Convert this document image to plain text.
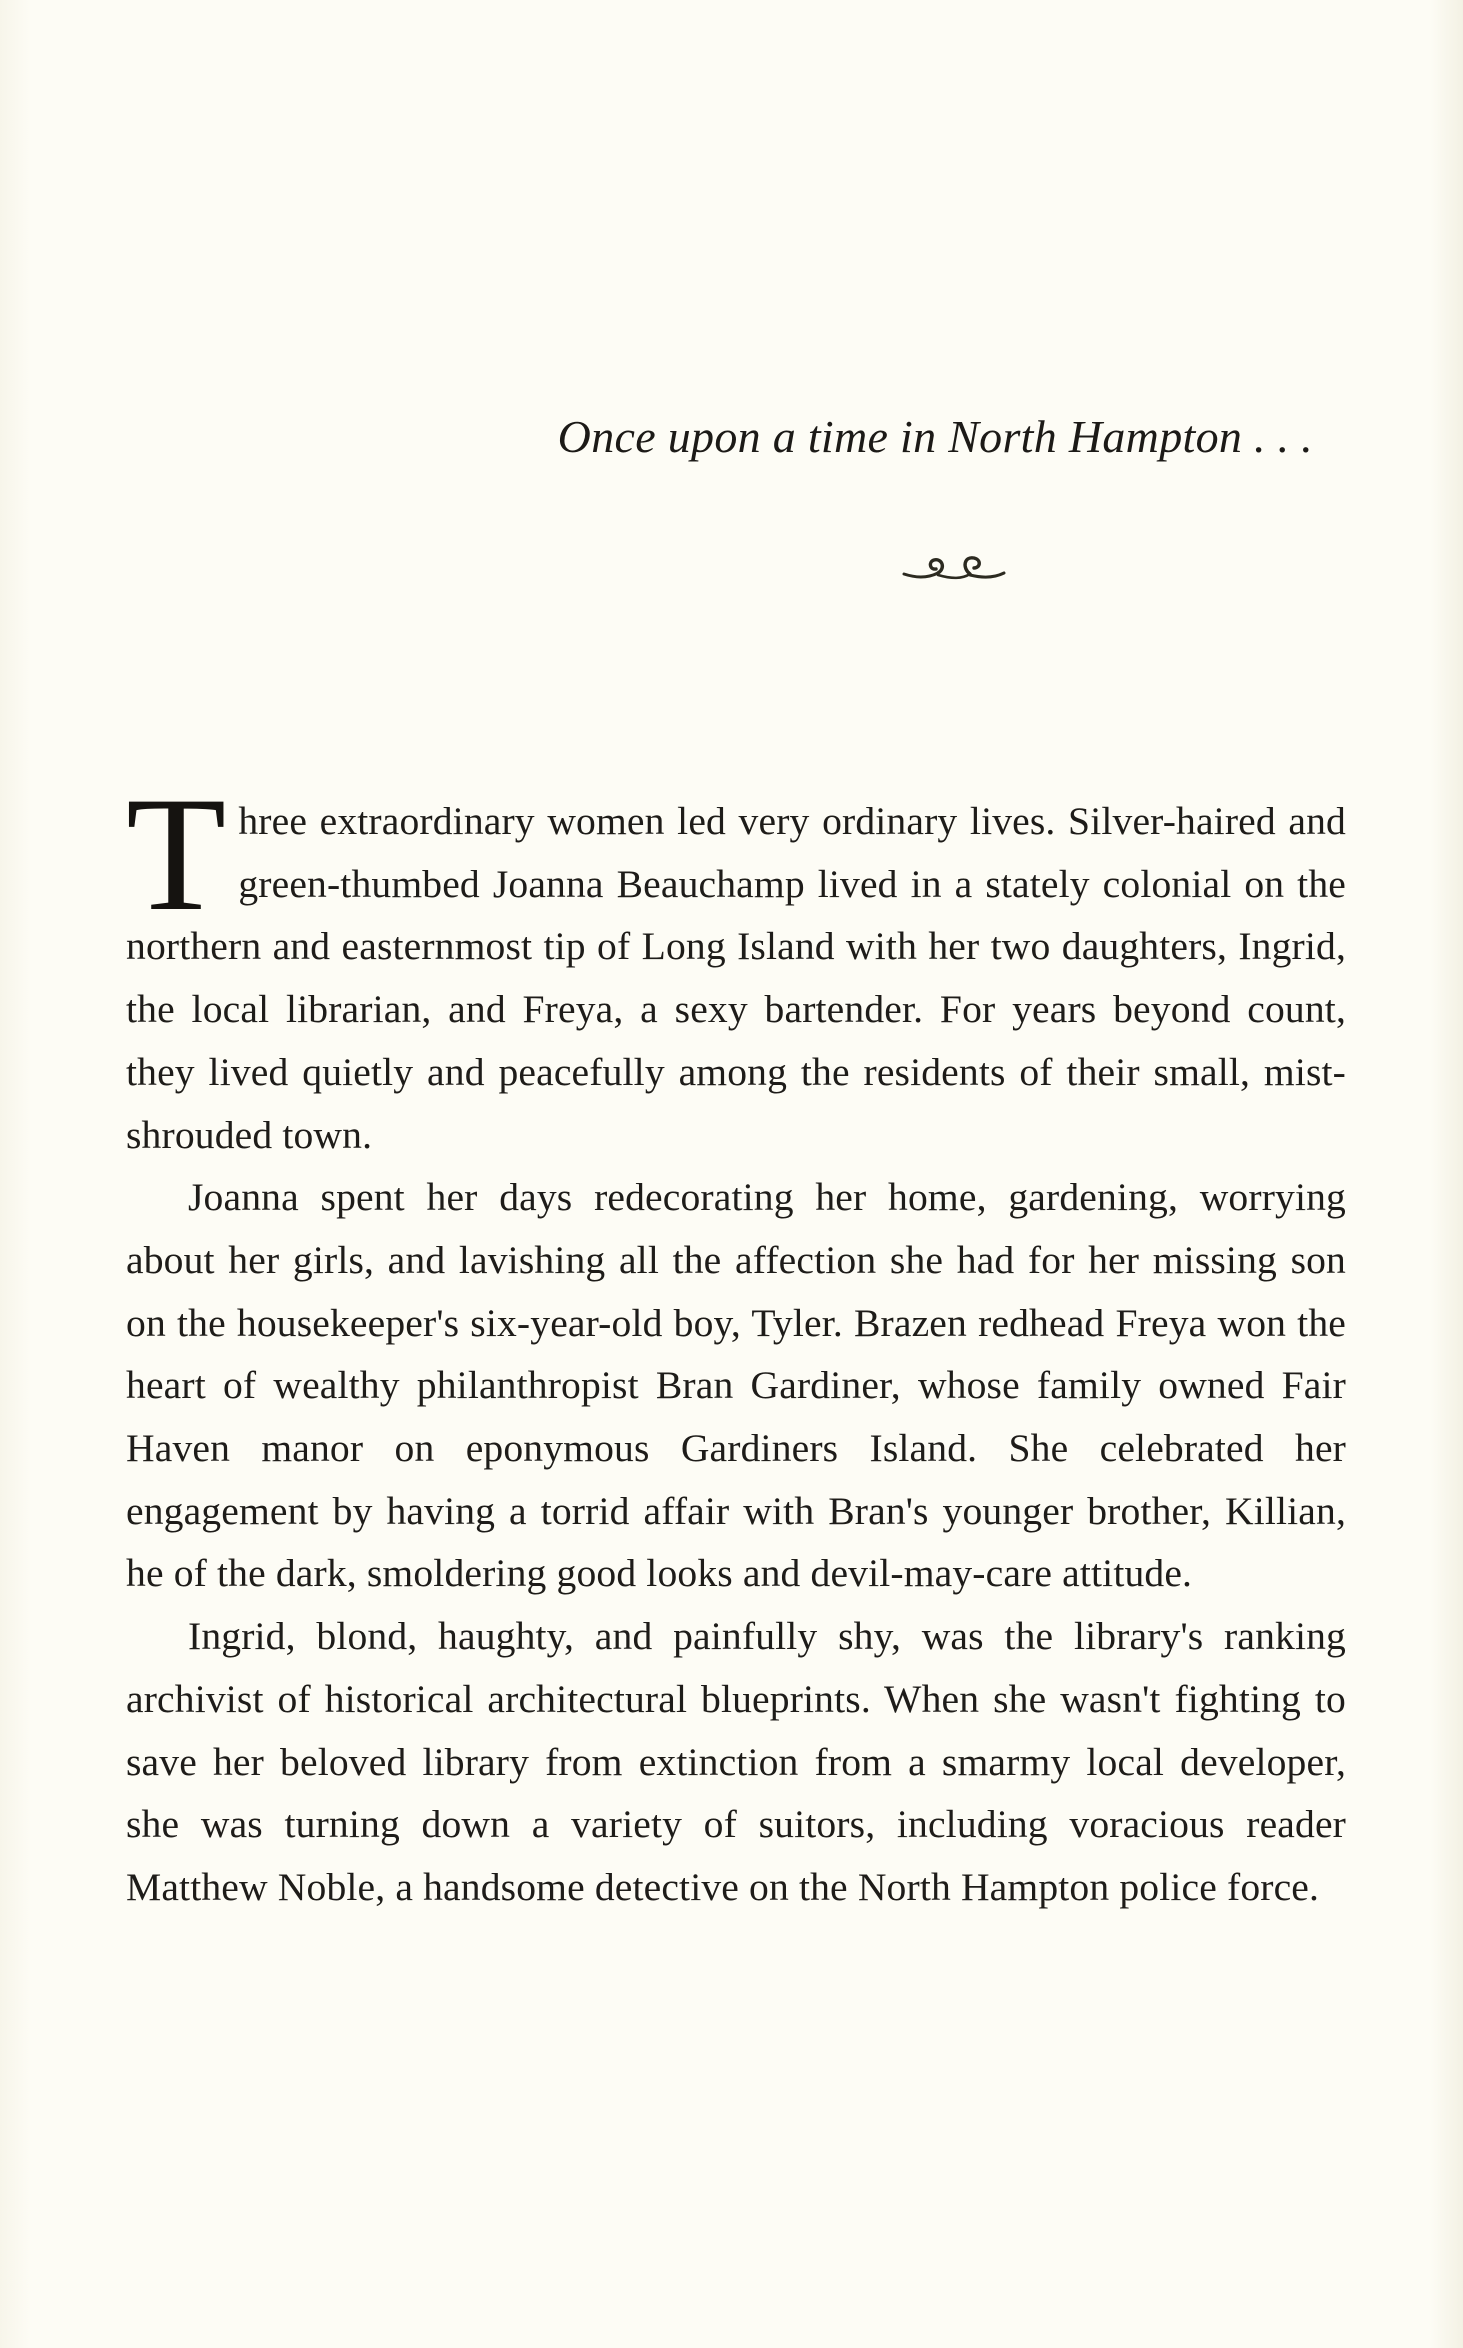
Once upon a time in North Hampton . . .

Three extraordinary women led very ordinary lives. Silver-haired and green-thumbed Joanna Beauchamp lived in a stately colonial on the northern and easternmost tip of Long Island with her two daughters, Ingrid, the local librarian, and Freya, a sexy bartender. For years beyond count, they lived quietly and peacefully among the residents of their small, mist-shrouded town.

Joanna spent her days redecorating her home, gardening, worrying about her girls, and lavishing all the affection she had for her missing son on the housekeeper's six-year-old boy, Tyler. Brazen redhead Freya won the heart of wealthy philanthropist Bran Gardiner, whose family owned Fair Haven manor on eponymous Gardiners Island. She celebrated her engagement by having a torrid affair with Bran's younger brother, Killian, he of the dark, smoldering good looks and devil-may-care attitude.

Ingrid, blond, haughty, and painfully shy, was the library's ranking archivist of historical architectural blueprints. When she wasn't fighting to save her beloved library from extinction from a smarmy local developer, she was turning down a variety of suitors, including voracious reader Matthew Noble, a handsome detective on the North Hampton police force.
